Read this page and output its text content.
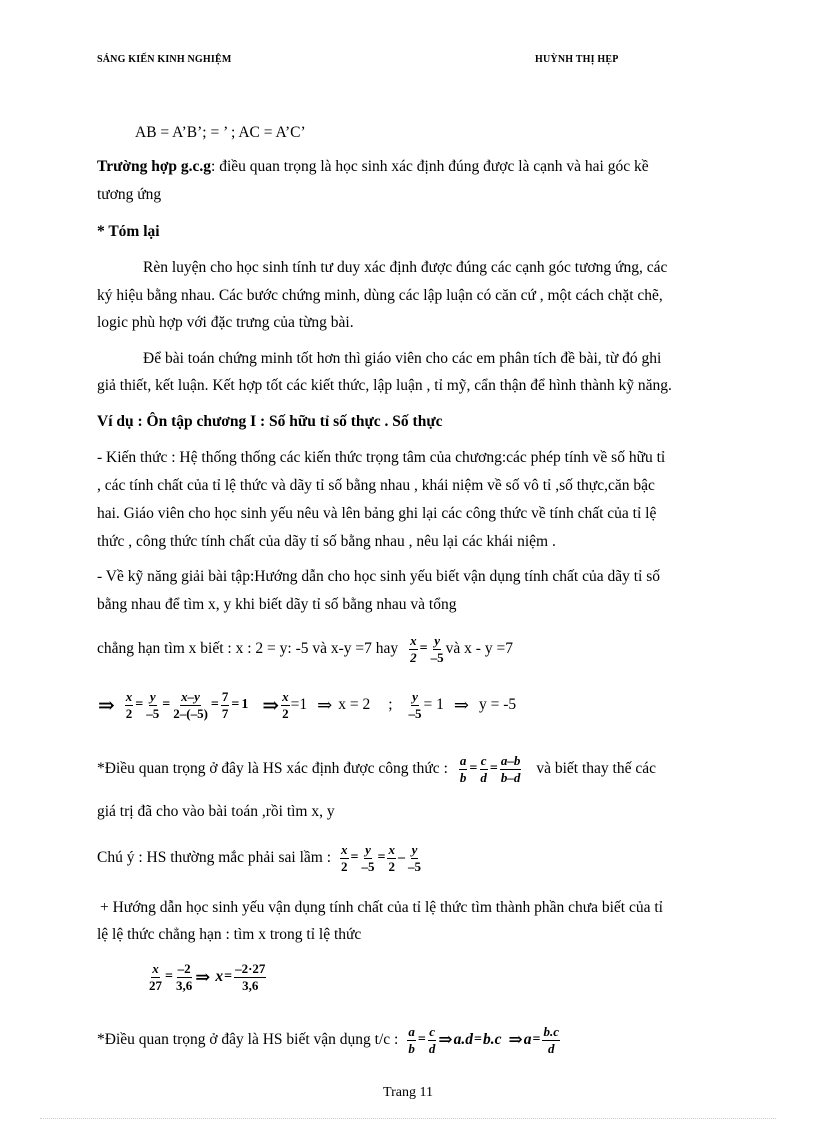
SÁNG KIẾN KINH NGHIỆM	HUỲNH THỊ HẸP
AB = A’B’; = ’ ; AC = A’C’
Trường hợp g.c.g: điều quan trọng là học sinh xác định đúng được là cạnh và hai góc kề
tương ứng
* Tóm lại
Rèn luyện cho học sinh tính tư duy xác định được đúng các cạnh góc tương ứng, các
ký hiệu bằng nhau. Các bước chứng minh, dùng các lập luận có căn cứ , một cách chặt chẽ,
logic phù hợp với đặc trưng của từng bài.
Để bài toán chứng minh tốt hơn thì giáo viên cho các em phân tích đề bài, từ đó ghi
giả thiết, kết luận. Kết hợp tốt các kiết thức, lập luận , tỉ mỹ, cẩn thận để hình thành kỹ năng.
Ví dụ : Ôn tập chương I : Số hữu tỉ số thực . Số thực
- Kiến thức : Hệ thống thống các kiến thức trọng tâm của chương:các phép tính về số hữu tỉ
, các tính chất của tỉ lệ thức và dãy tỉ số bằng nhau , khái niệm về số vô tỉ ,số thực,căn bậc
hai. Giáo viên cho học sinh yếu nêu và lên bảng ghi lại các công thức về tính chất của tỉ lệ
thức , công thức tính chất của dãy tỉ số bằng nhau , nêu lại các khái niệm .
- Về kỹ năng giải bài tập:Hướng dẫn cho học sinh yếu biết vận dụng tính chất của dãy tỉ số
bằng nhau để tìm x, y khi biết dãy tỉ số bằng nhau và tổng
chẳng hạn tìm x biết : x : 2 = y: -5 và x-y =7 hay $\frac{x}{2} = \frac{y}{-5}$ và x - y =7
⇒ $\frac{x}{2} = \frac{y}{-5} = \frac{x-y}{2-(-5)} = \frac{7}{7} = 1$ ⇒ $\frac{x}{2} =1$ ⇒ x = 2 ; $\frac{y}{-5} = 1$ ⇒ y = -5
*Điều quan trọng ở đây là HS xác định được công thức : $\frac{a}{b} = \frac{c}{d} = \frac{a-b}{b-d}$ và biết thay thế các
giá trị đã cho vào bài toán ,rồi tìm x, y
Chú ý : HS thường mắc phải sai lầm : $\frac{x}{2} = \frac{y}{-5} = \frac{x}{2} - \frac{y}{-5}$
+ Hướng dẫn học sinh yếu vận dụng tính chất của tỉ lệ thức tìm thành phần chưa biết của tỉ
lệ lệ thức chẳng hạn : tìm x trong tỉ lệ thức
$\frac{x}{27} = \frac{-2}{3,6}$ ⇒ $x = \frac{-2\cdot 27}{3,6}$
*Điều quan trọng ở đây là HS biết vận dụng t/c : $\frac{a}{b} = \frac{c}{d}$ ⇒ a.d = b.c ⇒ $a = \frac{b.c}{d}$
Trang 11
